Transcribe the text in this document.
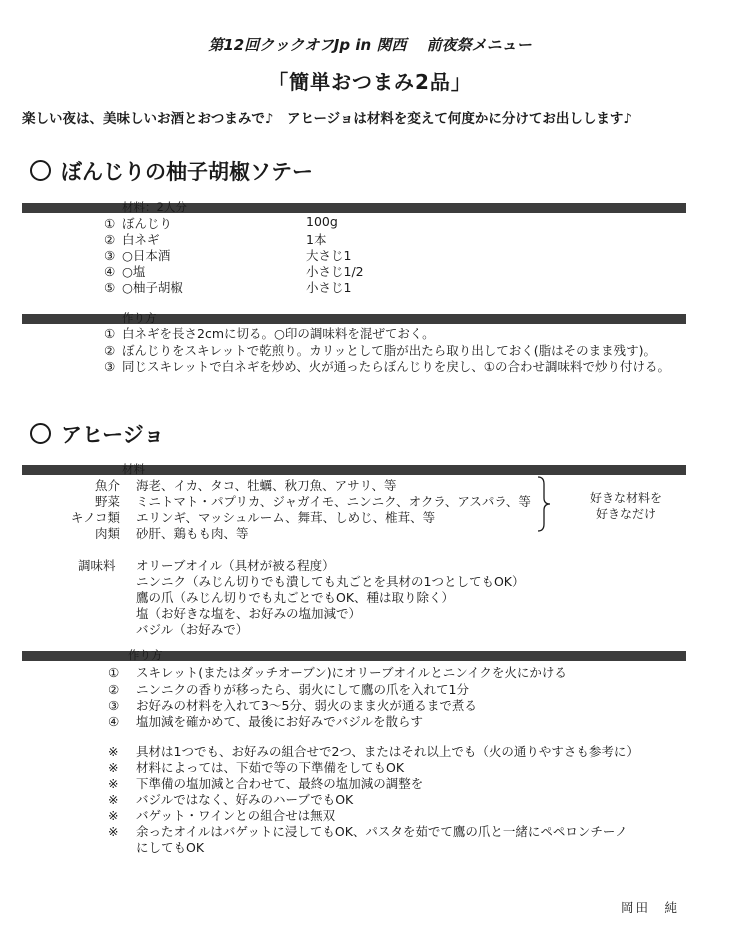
第12回クックオフJp in 関西　 前夜祭メニュー
「簡単おつまみ2品」
楽しい夜は、美味しいお酒とおつまみで♪　アヒージョは材料を変えて何度かに分けてお出しします♪
ぼんじりの柚子胡椒ソテー
材料：2人分
① ぼんじり	100g
② 白ネギ	1本
③ ○日本酒	大さじ1
④ ○塩	小さじ1/2
⑤ ○柚子胡椒	小さじ1
作り方
① 白ネギを長さ2cmに切る。○印の調味料を混ぜておく。
② ぼんじりをスキレットで乾煎り。カリッとして脂が出たら取り出しておく(脂はそのまま残す)。
③ 同じスキレットで白ネギを炒め、火が通ったらぼんじりを戻し、①の合わせ調味料で炒り付ける。
アヒージョ
材料
魚介 海老、イカ、タコ、牡蠣、秋刀魚、アサリ、等
野菜 ミニトマト・パプリカ、ジャガイモ、ニンニク、オクラ、アスパラ、等
キノコ類 エリンギ、マッシュルーム、舞茸、しめじ、椎茸、等
肉類 砂肝、鶏もも肉、等
好きな材料を
好きなだけ
調味料 オリーブオイル（具材が被る程度）
ニンニク（みじん切りでも潰しても丸ごとを具材の1つとしてもOK）
鷹の爪（みじん切りでも丸ごとでもOK、種は取り除く）
塩（お好きな塩を、お好みの塩加減で）
バジル（お好みで）
作り方
① スキレット(またはダッチオーブン)にオリーブオイルとニンイクを火にかける
② ニンニクの香りが移ったら、弱火にして鷹の爪を入れて1分
③ お好みの材料を入れて3～5分、弱火のまま火が通るまで煮る
④ 塩加減を確かめて、最後にお好みでバジルを散らす
※ 具材は1つでも、お好みの組合せで2つ、またはそれ以上でも（火の通りやすさも参考に）
※ 材料によっては、下茹で等の下準備をしてもOK
※ 下準備の塩加減と合わせて、最終の塩加減の調整を
※ バジルではなく、好みのハーブでもOK
※ バゲット・ワインとの組合せは無双
※ 余ったオイルはバゲットに浸してもOK、パスタを茹でて鷹の爪と一緒にペペロンチーノ
にしてもOK
岡田　純
